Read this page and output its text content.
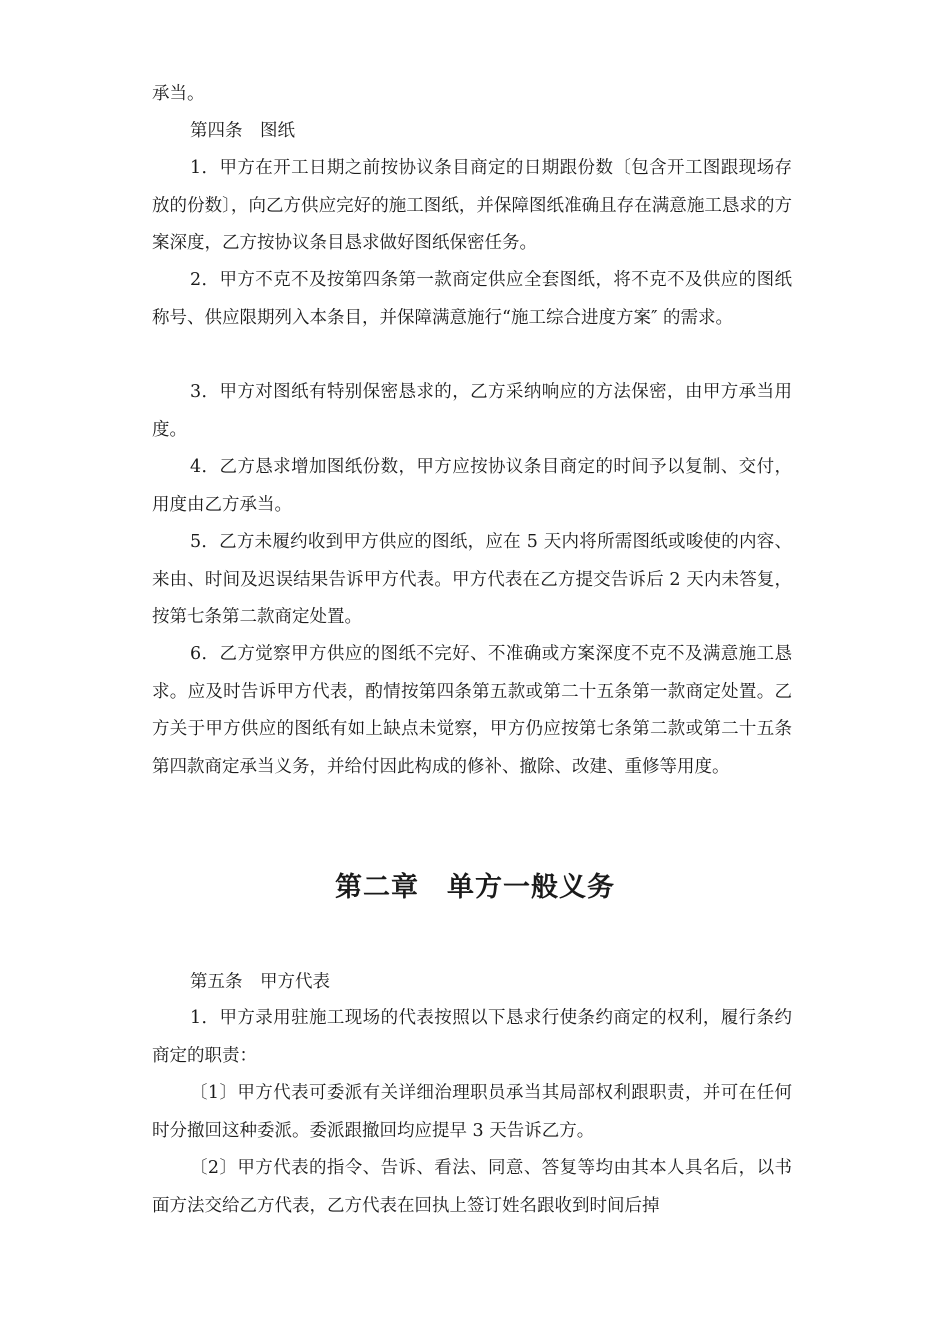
承当。

第四条　图纸

1．甲方在开工日期之前按协议条目商定的日期跟份数〔包含开工图跟现场存放的份数〕，向乙方供应完好的施工图纸，并保障图纸准确且存在满意施工恳求的方案深度，乙方按协议条目恳求做好图纸保密任务。

2．甲方不克不及按第四条第一款商定供应全套图纸，将不克不及供应的图纸称号、供应限期列入本条目，并保障满意施行“施工综合进度方案″ 的需求。

3．甲方对图纸有特别保密恳求的，乙方采纳响应的方法保密，由甲方承当用度。

4．乙方恳求增加图纸份数，甲方应按协议条目商定的时间予以复制、交付，用度由乙方承当。

5．乙方未履约收到甲方供应的图纸，应在 5 天内将所需图纸或唆使的内容、来由、时间及迟误结果告诉甲方代表。甲方代表在乙方提交告诉后 2 天内未答复，按第七条第二款商定处置。

6．乙方觉察甲方供应的图纸不完好、不准确或方案深度不克不及满意施工恳求。应及时告诉甲方代表，酌情按第四条第五款或第二十五条第一款商定处置。乙方关于甲方供应的图纸有如上缺点未觉察，甲方仍应按第七条第二款或第二十五条第四款商定承当义务，并给付因此构成的修补、撤除、改建、重修等用度。

第二章　单方一般义务

第五条　甲方代表

1．甲方录用驻施工现场的代表按照以下恳求行使条约商定的权利，履行条约商定的职责：

〔1〕甲方代表可委派有关详细治理职员承当其局部权利跟职责，并可在任何时分撤回这种委派。委派跟撤回均应提早 3 天告诉乙方。

〔2〕甲方代表的指令、告诉、看法、同意、答复等均由其本人具名后，以书面方法交给乙方代表，乙方代表在回执上签订姓名跟收到时间后掉
